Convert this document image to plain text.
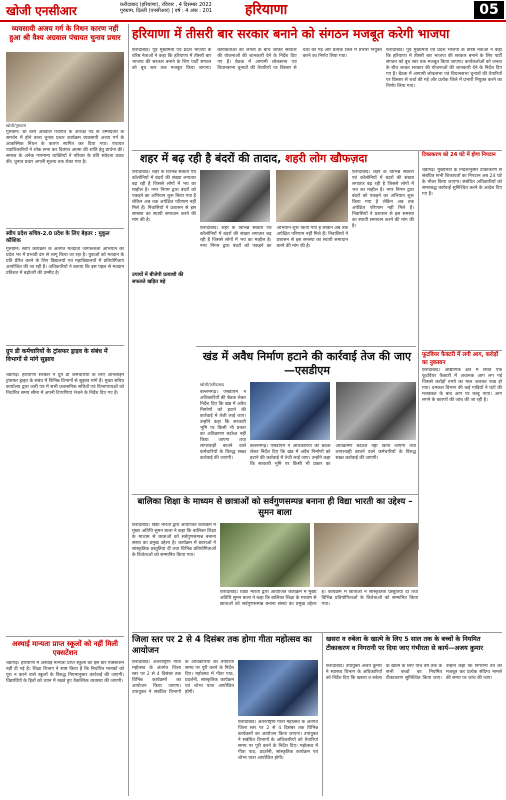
खोजी एनसीआर	फ़रीदाबाद (हरियाणा), रविवार , 4 दिसम्बर 2022
गुरुग्राम, दिल्ली (एनसीआर) | वर्ष : 4 अंक : 201	हरियाणा	05
व्यवसायी अजय गर्ग के निधन कारण नहीं हुआ श्री वैश्य अग्रवाल पंचायत चुनाव प्रचार
खोजी/गुरुग्राम
गुरुग्राम। श्री वैश्य अग्रवाल पंचायत के अध्यक्ष पद के उम्मीदवार के समर्थन में होने वाला चुनाव प्रचार कार्यक्रम व्यवसायी अजय गर्ग के आकस्मिक निधन के कारण स्थगित कर दिया गया। पंचायत पदाधिकारियों ने शोक सभा कर दिवंगत आत्मा की शांति हेतु प्रार्थना की। समाज के अनेक गणमान्य व्यक्तियों ने परिवार के प्रति संवेदना प्रकट की। चुनाव प्रचार अगली सूचना तक रोका गया है।
स्वीप प्रदेश सचिव-2.0 प्रदेश के लिए बेहतर : मुकुल कौशिक
गुरुग्राम। स्वीप कार्यक्रम के अंतर्गत मतदाता जागरूकता अभियान को प्रदेश भर में प्रभावी ढंग से लागू किया जा रहा है। युवाओं को मतदान के प्रति प्रेरित करने के लिए विद्यालयों एवं महाविद्यालयों में प्रतियोगिताएं आयोजित की जा रही हैं। अधिकारियों ने बताया कि इस पहल से मतदान प्रतिशत में बढ़ोतरी की उम्मीद है।
ग्रुप डी कर्मचारियों के ट्रांसफर ड्राइव के संबंध में विभागों से मांगे सुझाव
चंडीगढ़। हरियाणा सरकार ने ग्रुप डी कर्मचारियों के लिए ऑनलाइन ट्रांसफर ड्राइव के संबंध में विभिन्न विभागों से सुझाव मांगे हैं। मुख्य सचिव कार्यालय द्वारा जारी पत्र में सभी प्रशासनिक सचिवों एवं विभागाध्यक्षों को निर्धारित समय सीमा में अपनी टिप्पणियां भेजने के निर्देश दिए गए हैं।
अस्थाई मान्यता प्राप्त स्कूलों को नहीं मिली एक्सटेंशन
चंडीगढ़। हरियाणा में अस्थाई मान्यता प्राप्त स्कूलों को इस बार एक्सटेंशन नहीं दी गई है। शिक्षा विभाग ने स्पष्ट किया है कि निर्धारित मानकों को पूरा न करने वाले स्कूलों के विरुद्ध नियमानुसार कार्रवाई की जाएगी। विद्यार्थियों के हितों को ध्यान में रखते हुए वैकल्पिक व्यवस्था की जाएगी।
हरियाणा में तीसरी बार सरकार बनाने को संगठन मजबूत करेगी भाजपा
फ़रीदाबाद। पूर्व मुख्यमंत्री एवं प्रदेश भाजपा के वरिष्ठ नेताओं ने कहा कि हरियाणा में तीसरी बार भाजपा की सरकार बनाने के लिए पार्टी संगठन को बूथ स्तर तक मजबूत किया जाएगा। कार्यकर्ताओं को जनता के बीच जाकर सरकार की योजनाओं की जानकारी देने के निर्देश दिए गए हैं। बैठक में आगामी लोकसभा एवं विधानसभा चुनावों की तैयारियों पर विस्तार से चर्चा की गई और प्रत्येक जिले में प्रभारी नियुक्त करने का निर्णय लिया गया।
फ़रीदाबाद। पूर्व मुख्यमंत्री एवं प्रदेश भाजपा के वरिष्ठ नेताओं ने कहा कि हरियाणा में तीसरी बार भाजपा की सरकार बनाने के लिए पार्टी संगठन को बूथ स्तर तक मजबूत किया जाएगा। कार्यकर्ताओं को जनता के बीच जाकर सरकार की योजनाओं की जानकारी देने के निर्देश दिए गए हैं। बैठक में आगामी लोकसभा एवं विधानसभा चुनावों की तैयारियों पर विस्तार से चर्चा की गई और प्रत्येक जिले में प्रभारी नियुक्त करने का निर्णय लिया गया।
शहर में बढ़ रही है बंदरों की तादाद, शहरी लोग खौफज़दा
फ़रीदाबाद। शहर के विभिन्न सेक्टरों एवं कॉलोनियों में बंदरों की संख्या लगातार बढ़ रही है जिससे लोगों में भय का माहौल है। नगर निगम द्वारा बंदरों को पकड़ने का अभियान शुरू किया गया है लेकिन अब तक अपेक्षित परिणाम नहीं मिले हैं। निवासियों ने प्रशासन से इस समस्या का स्थायी समाधान करने की मांग की है।
फ़रीदाबाद। शहर के विभिन्न सेक्टरों एवं कॉलोनियों में बंदरों की संख्या लगातार बढ़ रही है जिससे लोगों में भय का माहौल है। नगर निगम द्वारा बंदरों को पकड़ने का अभियान शुरू किया गया है लेकिन अब तक अपेक्षित परिणाम नहीं मिले हैं। निवासियों ने प्रशासन से इस समस्या का स्थायी समाधान करने की मांग की है।
फ़रीदाबाद। शहर के विभिन्न सेक्टरों एवं कॉलोनियों में बंदरों की संख्या लगातार बढ़ रही है जिससे लोगों में भय का माहौल है। नगर निगम द्वारा बंदरों को पकड़ने का अभियान शुरू किया गया है लेकिन अब तक अपेक्षित परिणाम नहीं मिले हैं। निवासियों ने प्रशासन से इस समस्या का स्थायी समाधान करने की मांग की है।
टिकाकरण को 24 घंटे में होगा निपटान
चंडीगढ़। मुख्यमंत्री के निर्देशानुसार टीकाकरण से संबंधित सभी शिकायतों का निपटान अब 24 घंटे के भीतर किया जाएगा। संबंधित अधिकारियों को समयबद्ध कार्रवाई सुनिश्चित करने के आदेश दिए गए हैं।
उपायों में बीजेपी प्रत्याशी की सफलते खड़ित बहे
खंड में अवैध निर्माण हटाने की कार्रवाई तेज की जाए—एसडीएम
खोजी/फ़रीदाबाद
बल्लभगढ़। एसडीएम ने अधिकारियों की बैठक लेकर निर्देश दिए कि खंड में अवैध निर्माणों को हटाने की कार्रवाई में तेजी लाई जाए। उन्होंने कहा कि सरकारी भूमि पर किसी भी प्रकार का अतिक्रमण बर्दाश्त नहीं किया जाएगा तथा लापरवाही बरतने वाले कर्मचारियों के विरुद्ध सख्त कार्रवाई की जाएगी।
बल्लभगढ़। एसडीएम ने अधिकारियों की बैठक लेकर निर्देश दिए कि खंड में अवैध निर्माणों को हटाने की कार्रवाई में तेजी लाई जाए। उन्होंने कहा कि सरकारी भूमि पर किसी भी प्रकार का अतिक्रमण बर्दाश्त नहीं किया जाएगा तथा लापरवाही बरतने वाले कर्मचारियों के विरुद्ध सख्त कार्रवाई की जाएगी।
बालिका शिक्षा के माध्यम से छात्राओं को सर्वगुणसम्पन्न बनाना ही विद्या भारती का उद्देश्य – सुमन बाला
फ़रीदाबाद। विद्या भारती द्वारा आयोजित कार्यक्रम में मुख्य अतिथि सुमन बाला ने कहा कि बालिका शिक्षा के माध्यम से छात्राओं को सर्वगुणसम्पन्न बनाना संस्था का प्रमुख उद्देश्य है। कार्यक्रम में छात्राओं ने सांस्कृतिक प्रस्तुतियां दीं तथा विभिन्न प्रतियोगिताओं के विजेताओं को सम्मानित किया गया।
फ़रीदाबाद। विद्या भारती द्वारा आयोजित कार्यक्रम में मुख्य अतिथि सुमन बाला ने कहा कि बालिका शिक्षा के माध्यम से छात्राओं को सर्वगुणसम्पन्न बनाना संस्था का प्रमुख उद्देश्य है। कार्यक्रम में छात्राओं ने सांस्कृतिक प्रस्तुतियां दीं तथा विभिन्न प्रतियोगिताओं के विजेताओं को सम्मानित किया गया।
फूटवियर फैक्टरी में लगी आग, करोड़ों का नुकसान
फ़रीदाबाद। औद्योगिक क्षेत्र में स्थित एक फूटवियर फैक्टरी में अचानक आग लग गई जिससे करोड़ों रुपये का माल जलकर राख हो गया। दमकल विभाग की कई गाड़ियों ने घंटों की मशक्कत के बाद आग पर काबू पाया। आग लगने के कारणों की जांच की जा रही है।
जिला स्तर पर 2 से 4 दिसंबर तक होगा गीता महोत्सव का आयोजन
फ़रीदाबाद। अंतरराष्ट्रीय गीता महोत्सव के अंतर्गत जिला स्तर पर 2 से 4 दिसंबर तक विभिन्न कार्यक्रमों का आयोजन किया जाएगा। उपायुक्त ने संबंधित विभागों के अधिकारियों को तैयारियां समय पर पूरी करने के निर्देश दिए। महोत्सव में गीता पाठ, प्रदर्शनी, सांस्कृतिक कार्यक्रम एवं शोभा यात्रा आयोजित होगी।
फ़रीदाबाद। अंतरराष्ट्रीय गीता महोत्सव के अंतर्गत जिला स्तर पर 2 से 4 दिसंबर तक विभिन्न कार्यक्रमों का आयोजन किया जाएगा। उपायुक्त ने संबंधित विभागों के अधिकारियों को तैयारियां समय पर पूरी करने के निर्देश दिए। महोत्सव में गीता पाठ, प्रदर्शनी, सांस्कृतिक कार्यक्रम एवं शोभा यात्रा आयोजित होगी।
खसरा व रुबेला के खात्मे के लिए 5 साल तक के बच्चों के नियमित टीकाकरण व निगरानी पर दिया जाए गंभीरता से कार्य—अजय कुमार
फ़रीदाबाद। उपायुक्त अजय कुमार ने स्वास्थ्य विभाग के अधिकारियों को निर्देश दिए कि खसरा व रुबेला के खात्मे के लिए पांच वर्ष तक के सभी बच्चों का नियमित टीकाकरण सुनिश्चित किया जाए। उन्होंने कहा कि निगरानी तंत्र को मजबूत कर प्रत्येक संदिग्ध मामले की समय पर जांच की जाए।
